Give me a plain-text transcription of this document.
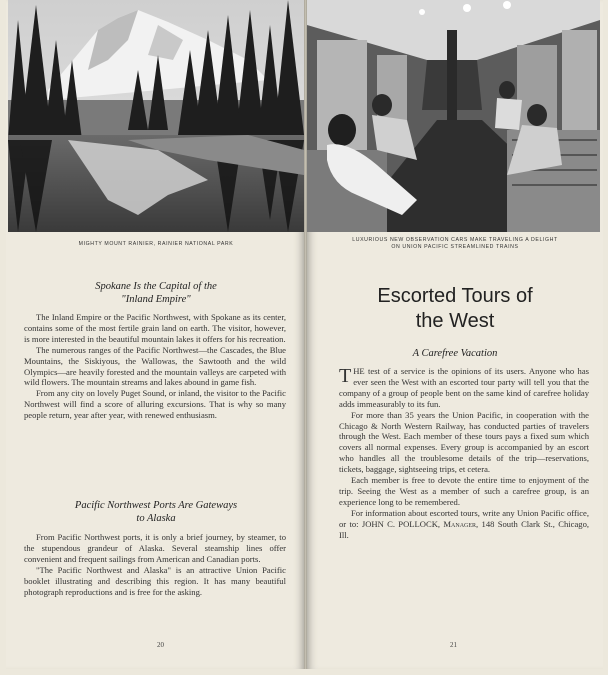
MIGHTY MOUNT RAINIER, RAINIER NATIONAL PARK
Spokane Is the Capital of the
"Inland Empire"

The Inland Empire or the Pacific Northwest, with Spokane as its center, contains some of the most fertile grain land on earth. The visitor, however, is more interested in the beautiful mountain lakes it offers for his recreation.

The numerous ranges of the Pacific Northwest—the Cascades, the Blue Mountains, the Siskiyous, the Wallowas, the Sawtooth and the wild Olympics—are heavily forested and the mountain valleys are carpeted with wild flowers. The mountain streams and lakes abound in game fish.

From any city on lovely Puget Sound, or inland, the visitor to the Pacific Northwest will find a score of alluring excursions. That is why so many people return, year after year, with renewed enthusiasm.

Pacific Northwest Ports Are Gateways
to Alaska

From Pacific Northwest ports, it is only a brief journey, by steamer, to the stupendous grandeur of Alaska. Several steamship lines offer convenient and frequent sailings from American and Canadian ports.

"The Pacific Northwest and Alaska" is an attractive Union Pacific booklet illustrating and describing this region. It has many beautiful photograph reproductions and is free for the asking.

20
LUXURIOUS NEW OBSERVATION CARS MAKE TRAVELING A DELIGHT
ON UNION PACIFIC STREAMLINED TRAINS
Escorted Tours of
the West
A Carefree Vacation

THE test of a service is the opinions of its users. Anyone who has ever seen the West with an escorted tour party will tell you that the company of a group of people bent on the same kind of carefree holiday adds immeasurably to its fun.

For more than 35 years the Union Pacific, in cooperation with the Chicago & North Western Railway, has conducted parties of travelers through the West. Each member of these tours pays a fixed sum which covers all normal expenses. Every group is accompanied by an escort who handles all the troublesome details of the trip—reservations, tickets, baggage, sightseeing trips, et cetera.

Each member is free to devote the entire time to enjoyment of the trip. Seeing the West as a member of such a carefree group, is an experience long to be remembered.

For information about escorted tours, write any Union Pacific office, or to: JOHN C. POLLOCK, Manager, 148 South Clark St., Chicago, Ill.

21
